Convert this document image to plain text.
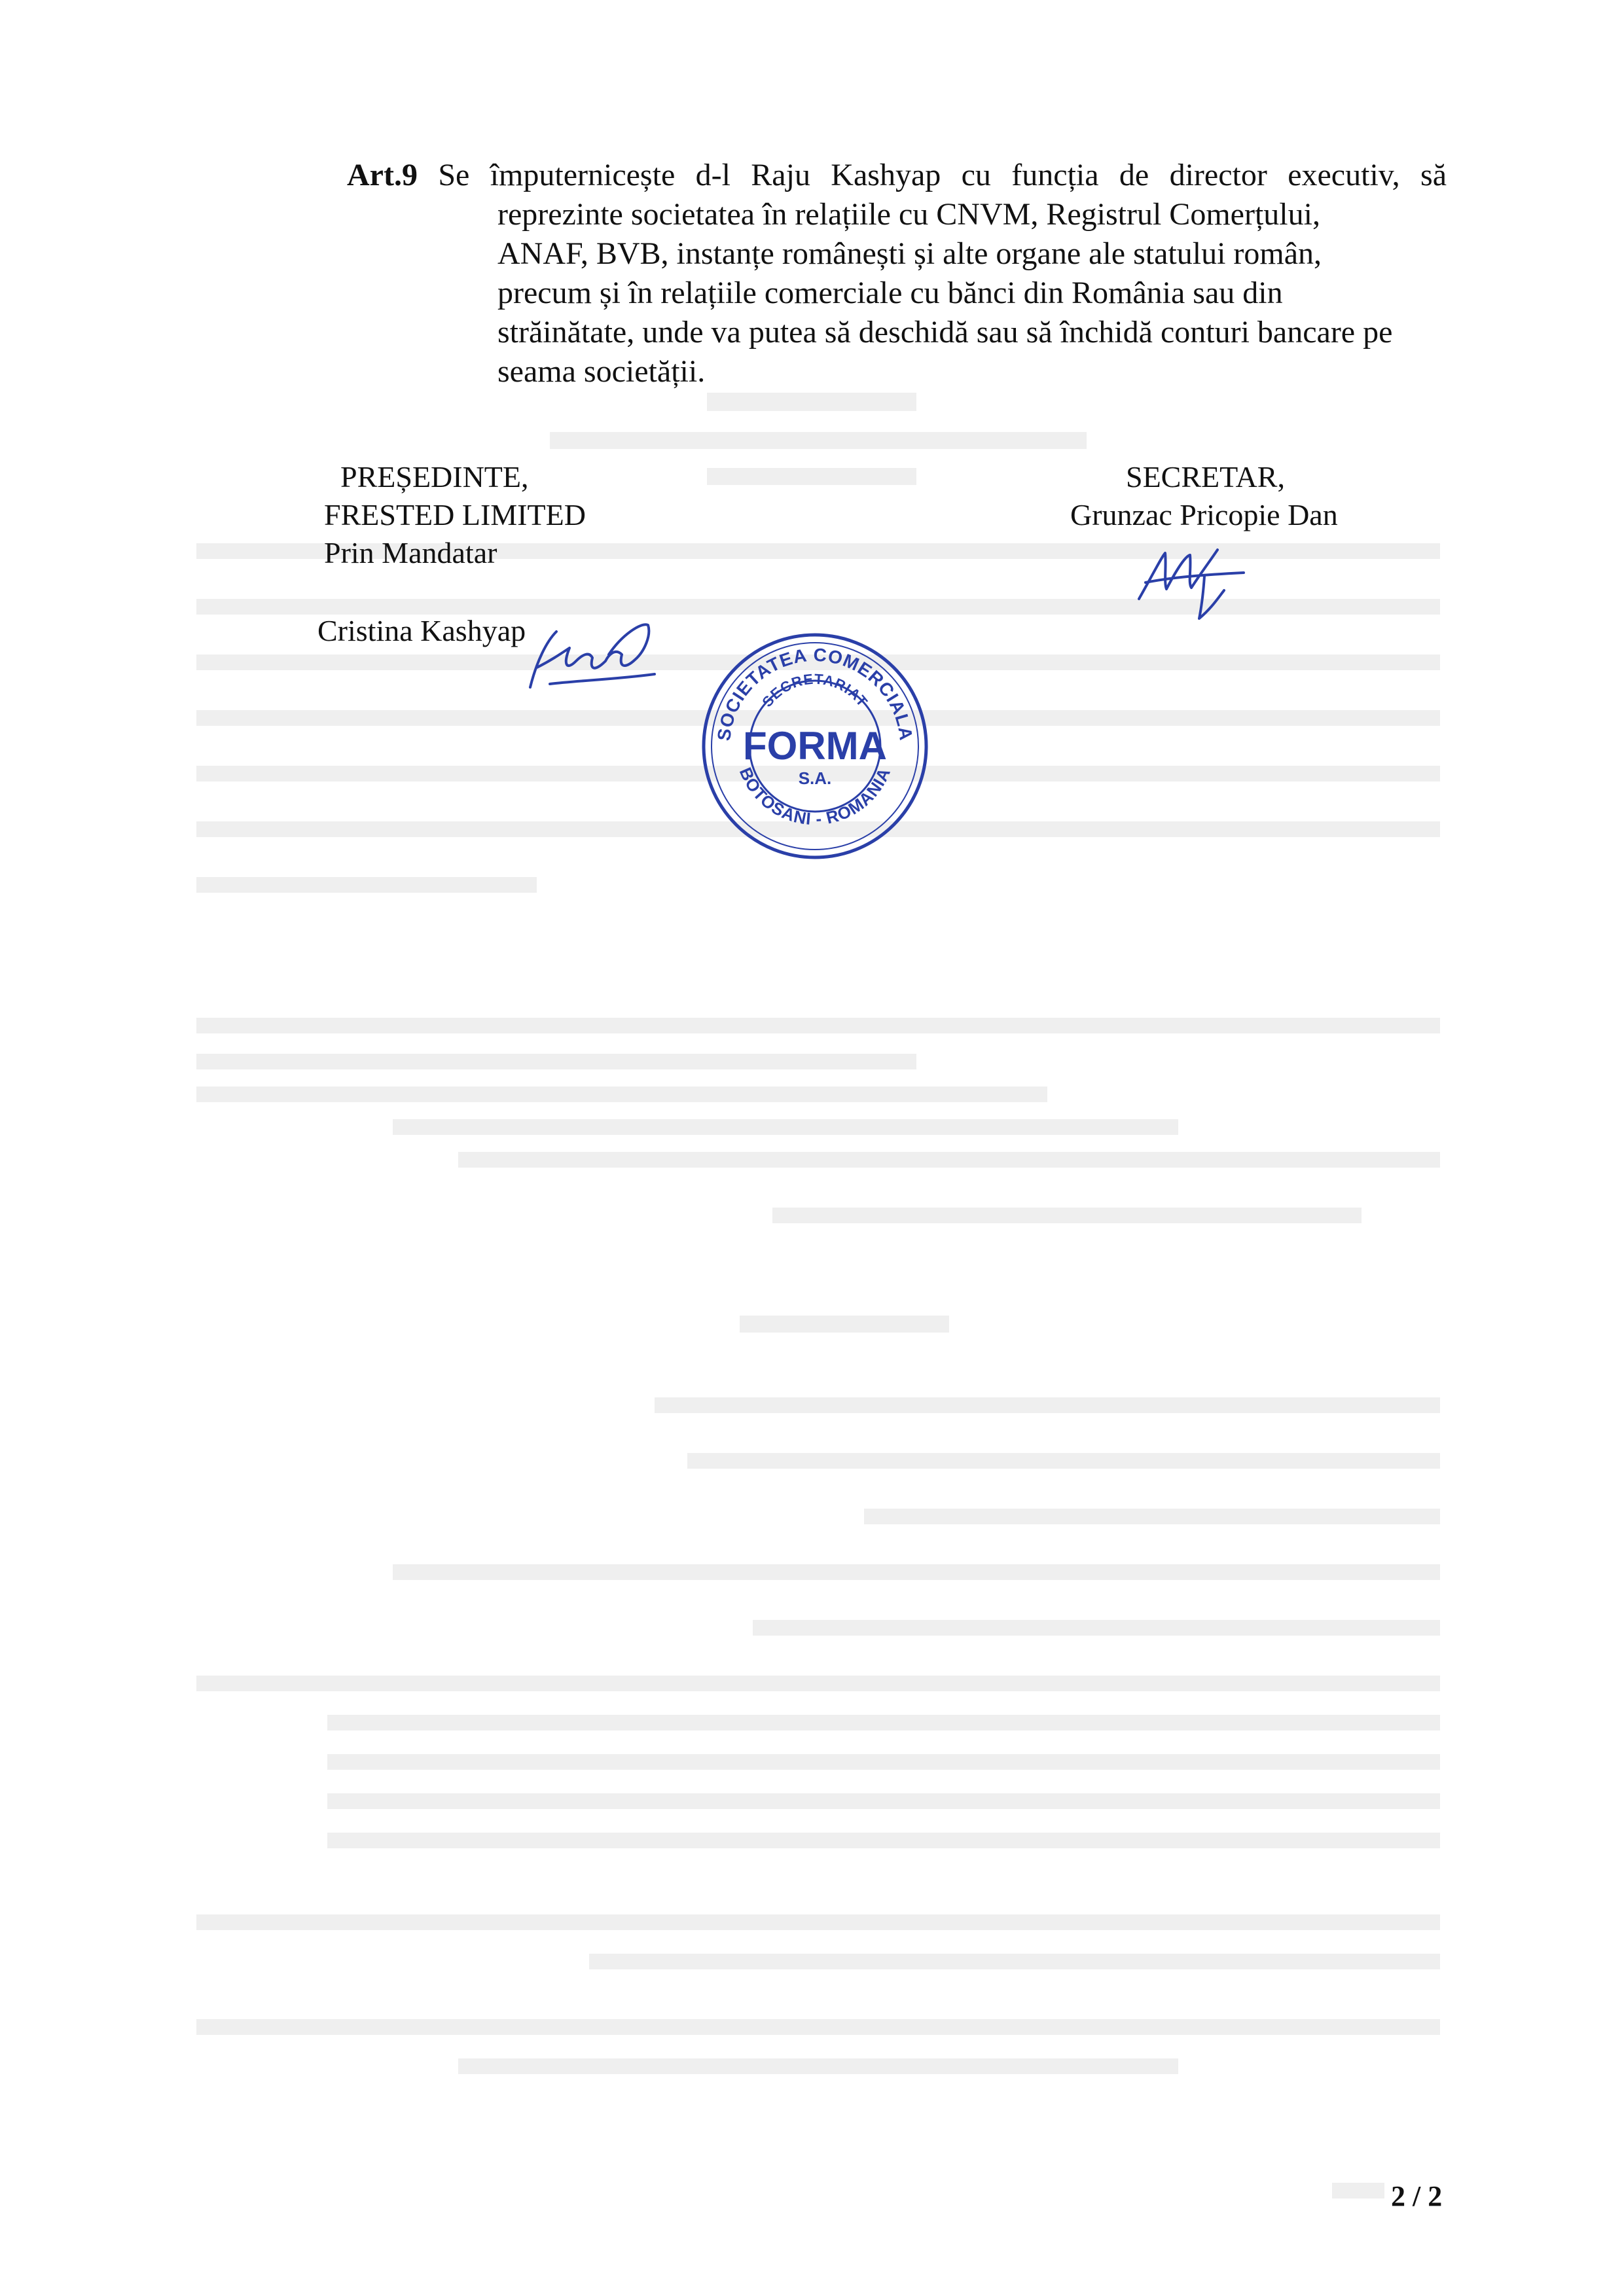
Art.9 Se împuternicește d-l Raju Kashyap cu funcția de director executiv, să
reprezinte societatea în relațiile cu CNVM, Registrul Comerțului,
ANAF, BVB, instanțe românești și alte organe ale statului român,
precum și în relațiile comerciale cu bănci din România sau din
străinătate, unde va putea să deschidă sau să închidă conturi bancare pe
seama societății.
PREȘEDINTE,
FRESTED LIMITED
Prin Mandatar
Cristina Kashyap
SECRETAR,
Grunzac Pricopie Dan
SOCIETATEA COMERCIALA
SECRETARIAT
FORMA
S.A.
BOTOSANI - ROMANIA
2 / 2
